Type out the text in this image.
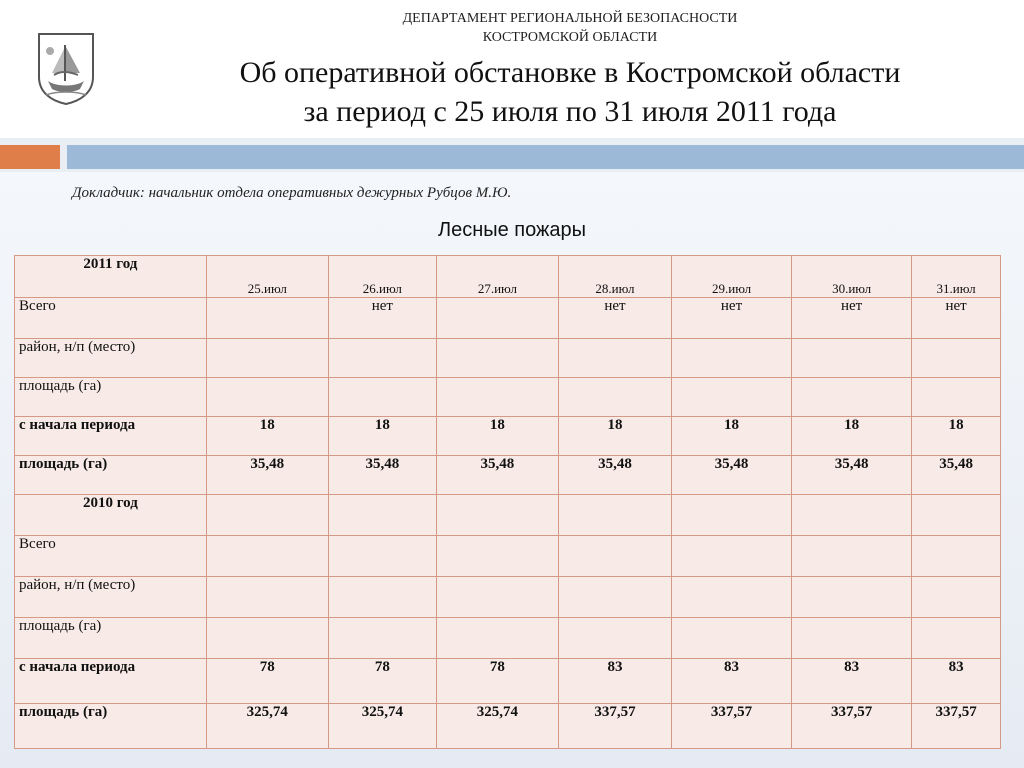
ДЕПАРТАМЕНТ РЕГИОНАЛЬНОЙ БЕЗОПАСНОСТИ
КОСТРОМСКОЙ ОБЛАСТИ
Об оперативной обстановке в Костромской области
за период с 25 июля по 31 июля 2011 года
Докладчик: начальник отдела оперативных дежурных Рубцов М.Ю.
Лесные пожары
2011 год	25.июл	26.июл	27.июл	28.июл	29.июл	30.июл	31.июл
Всего		нет		нет	нет	нет	нет
район, н/п (место)							
площадь (га)							
с начала периода	18	18	18	18	18	18	18
площадь (га)	35,48	35,48	35,48	35,48	35,48	35,48	35,48
2010 год							
Всего							
район, н/п (место)							
площадь (га)							
с начала периода	78	78	78	83	83	83	83
площадь (га)	325,74	325,74	325,74	337,57	337,57	337,57	337,57
